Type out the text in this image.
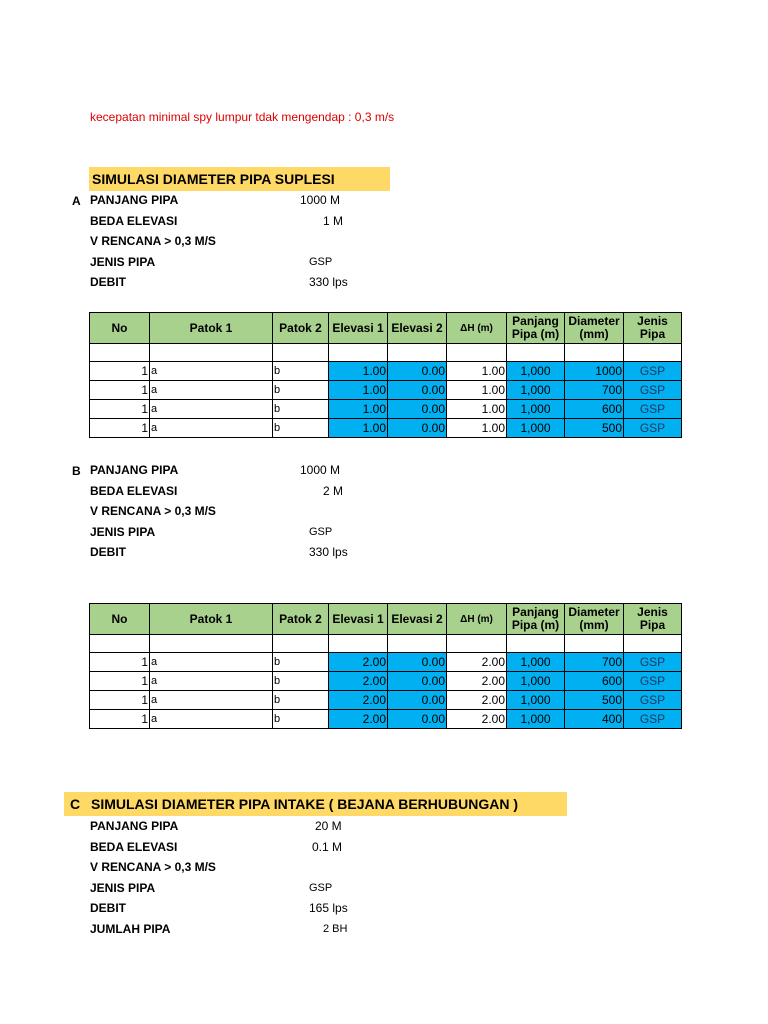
kecepatan minimal spy lumpur tdak mengendap : 0,3 m/s
SIMULASI DIAMETER PIPA SUPLESI
A PANJANG PIPA	1000 M
BEDA ELEVASI	1 M
V RENCANA > 0,3 M/S
JENIS PIPA	GSP
DEBIT	330 lps
No	Patok 1	Patok 2	Elevasi 1	Elevasi 2	ΔH (m)	Panjang Pipa (m)	Diameter (mm)	Jenis Pipa

1	a	b	1.00	0.00	1.00	1,000	1000	GSP
1	a	b	1.00	0.00	1.00	1,000	700	GSP
1	a	b	1.00	0.00	1.00	1,000	600	GSP
1	a	b	1.00	0.00	1.00	1,000	500	GSP
B PANJANG PIPA	1000 M
BEDA ELEVASI	2 M
V RENCANA > 0,3 M/S
JENIS PIPA	GSP
DEBIT	330 lps
No	Patok 1	Patok 2	Elevasi 1	Elevasi 2	ΔH (m)	Panjang Pipa (m)	Diameter (mm)	Jenis Pipa

1	a	b	2.00	0.00	2.00	1,000	700	GSP
1	a	b	2.00	0.00	2.00	1,000	600	GSP
1	a	b	2.00	0.00	2.00	1,000	500	GSP
1	a	b	2.00	0.00	2.00	1,000	400	GSP
C SIMULASI DIAMETER PIPA INTAKE ( BEJANA BERHUBUNGAN )
PANJANG PIPA	20 M
BEDA ELEVASI	0.1 M
V RENCANA > 0,3 M/S
JENIS PIPA	GSP
DEBIT	165 lps
JUMLAH PIPA	2 BH
